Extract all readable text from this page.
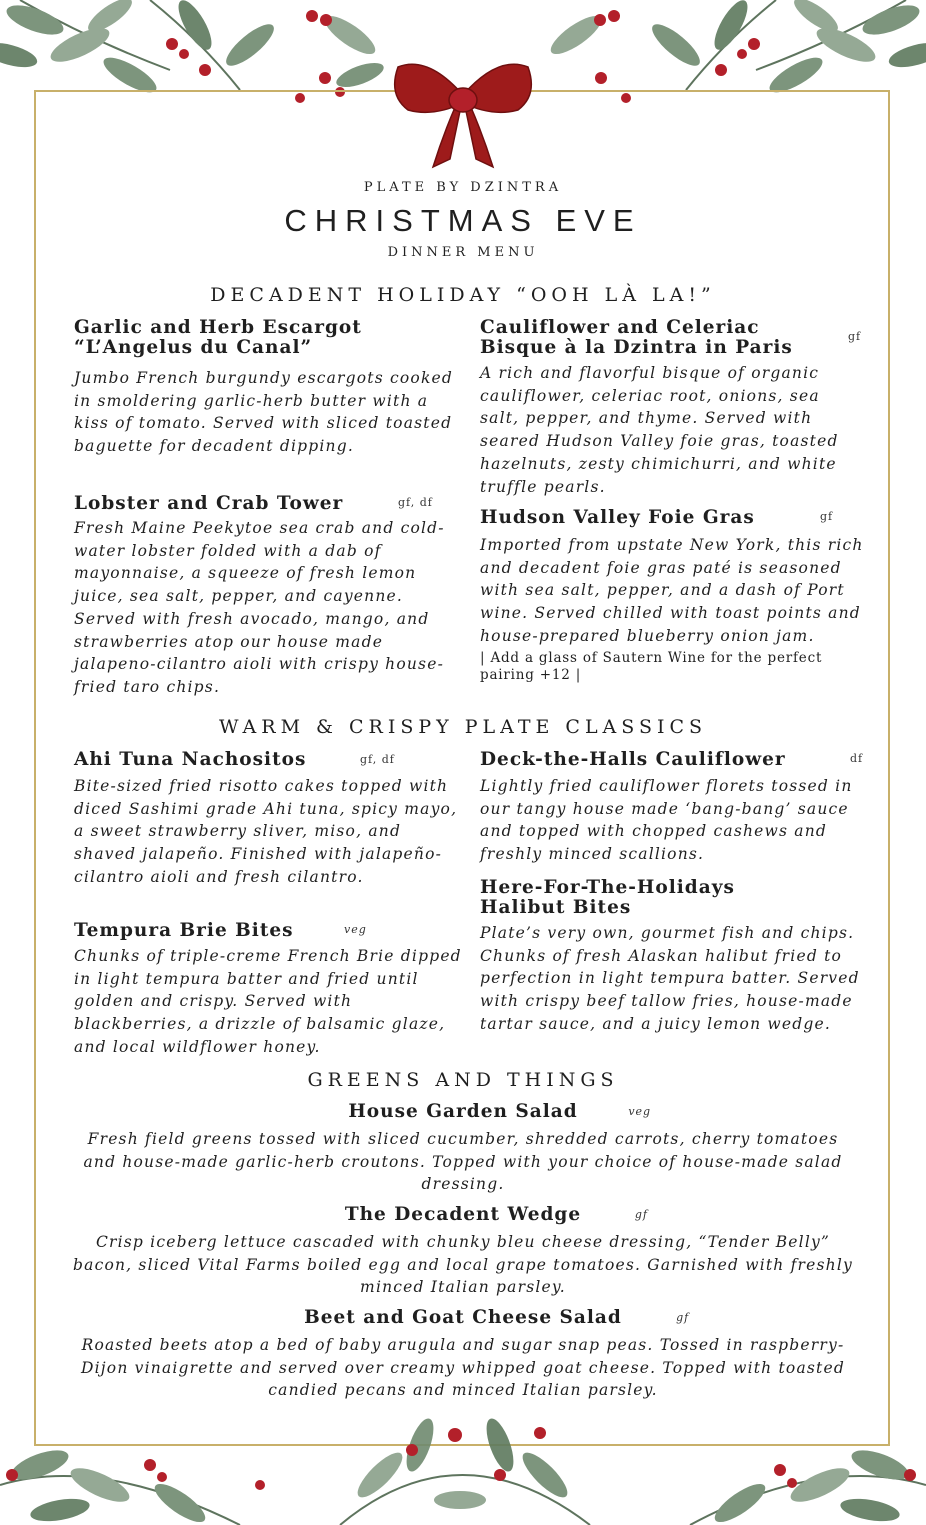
PLATE BY DZINTRA
CHRISTMAS EVE
DINNER MENU
DECADENT HOLIDAY “OOH LÀ LA!”
Garlic and Herb Escargot
“L’Angelus du Canal”
Jumbo French burgundy escargots cooked in smoldering garlic-herb butter with a kiss of tomato. Served with sliced toasted baguette for decadent dipping.
Cauliflower and Celeriac
Bisque à la Dzintra in Paris
gf
A rich and flavorful bisque of organic cauliflower, celeriac root, onions, sea salt, pepper, and thyme. Served with seared Hudson Valley foie gras, toasted hazelnuts, zesty chimichurri, and white truffle pearls.
Lobster and Crab Tower	gf, df
Fresh Maine Peekytoe sea crab and cold-water lobster folded with a dab of mayonnaise, a squeeze of fresh lemon juice, sea salt, pepper, and cayenne. Served with fresh avocado, mango, and strawberries atop our house made jalapeno-cilantro aioli with crispy house-fried taro chips.
Hudson Valley Foie Gras	gf
Imported from upstate New York, this rich and decadent foie gras paté is seasoned with sea salt, pepper, and a dash of Port wine. Served chilled with toast points and house-prepared blueberry onion jam.
| Add a glass of Sautern Wine for the perfect pairing +12 |
WARM & CRISPY PLATE CLASSICS
Ahi Tuna Nachositos	gf, df
Bite-sized fried risotto cakes topped with diced Sashimi grade Ahi tuna, spicy mayo, a sweet strawberry sliver, miso, and shaved jalapeño. Finished with jalapeño-cilantro aioli and fresh cilantro.
Deck-the-Halls Cauliflower	df
Lightly fried cauliflower florets tossed in our tangy house made ‘bang-bang’ sauce and topped with chopped cashews and freshly minced scallions.
Tempura Brie Bites	veg
Chunks of triple-creme French Brie dipped in light tempura batter and fried until golden and crispy. Served with blackberries, a drizzle of balsamic glaze, and local wildflower honey.
Here-For-The-Holidays
Halibut Bites
Plate’s very own, gourmet fish and chips. Chunks of fresh Alaskan halibut fried to perfection in light tempura batter. Served with crispy beef tallow fries, house-made tartar sauce, and a juicy lemon wedge.
GREENS AND THINGS
House Garden Salad	veg
Fresh field greens tossed with sliced cucumber, shredded carrots, cherry tomatoes and house-made garlic-herb croutons. Topped with your choice of house-made salad dressing.
The Decadent Wedge	gf
Crisp iceberg lettuce cascaded with chunky bleu cheese dressing, “Tender Belly” bacon, sliced Vital Farms boiled egg and local grape tomatoes. Garnished with freshly minced Italian parsley.
Beet and Goat Cheese Salad	gf
Roasted beets atop a bed of baby arugula and sugar snap peas. Tossed in raspberry-Dijon vinaigrette and served over creamy whipped goat cheese. Topped with toasted candied pecans and minced Italian parsley.
